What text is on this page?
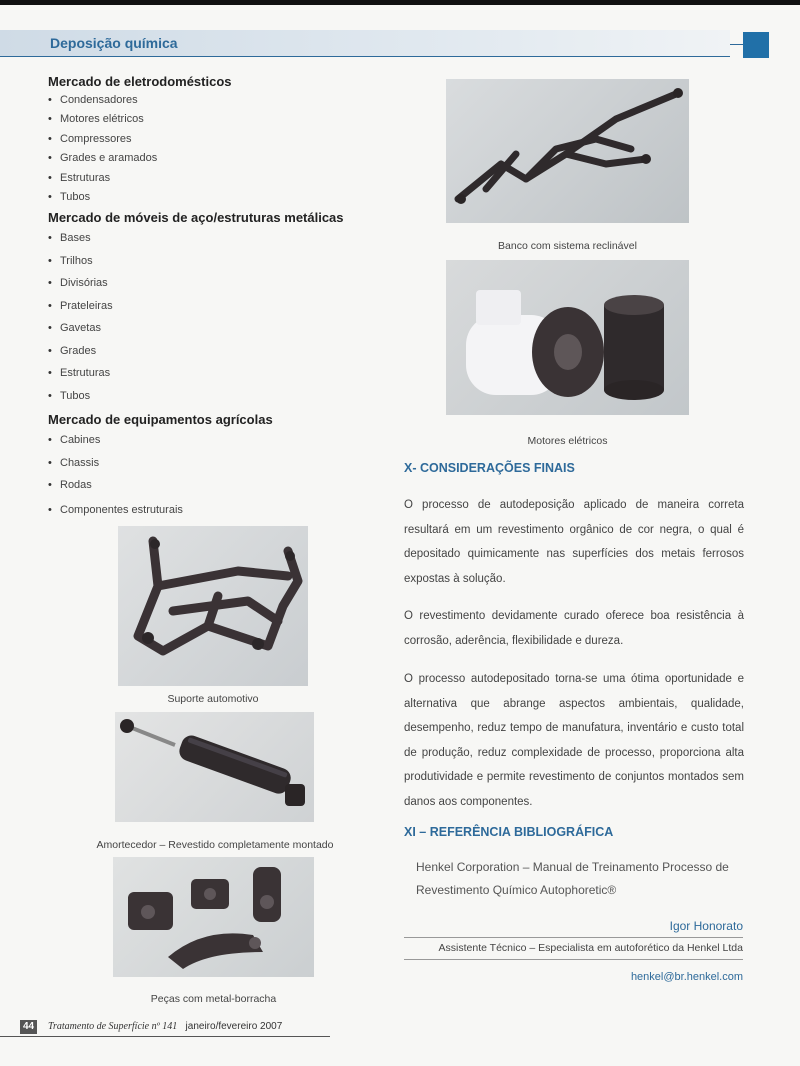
Deposição química
Mercado de eletrodomésticos
• Condensadores
• Motores elétricos
• Compressores
• Grades e aramados
• Estruturas
• Tubos
Mercado de móveis de aço/estruturas metálicas
• Bases
• Trilhos
• Divisórias
• Prateleiras
• Gavetas
• Grades
• Estruturas
• Tubos
Mercado de equipamentos agrícolas
• Cabines
• Chassis
• Rodas
• Componentes estruturais
Suporte automotivo
Amortecedor – Revestido completamente montado
Peças com metal-borracha
Banco com sistema reclinável
Motores elétricos
X- CONSIDERAÇÕES FINAIS

O processo de autodeposição aplicado de maneira correta resultará em um revestimento orgânico de cor negra, o qual é depositado quimicamente nas superfícies dos metais ferrosos expostas à solução.

O revestimento devidamente curado oferece boa resistência à corrosão, aderência, flexibilidade e dureza.

O processo autodepositado torna-se uma ótima oportunidade e alternativa que abrange aspectos ambientais, qualidade, desempenho, reduz tempo de manufatura, inventário e custo total de produção, reduz complexidade de processo, proporciona alta produtividade e permite revestimento de conjuntos montados sem danos aos componentes.

XI – REFERÊNCIA BIBLIOGRÁFICA

Henkel Corporation – Manual de Treinamento Processo de Revestimento Químico Autophoretic®

Igor Honorato
Assistente Técnico – Especialista em autoforético da Henkel Ltda
henkel@br.henkel.com
44 Tratamento de Superfície nº 141 janeiro/fevereiro 2007
